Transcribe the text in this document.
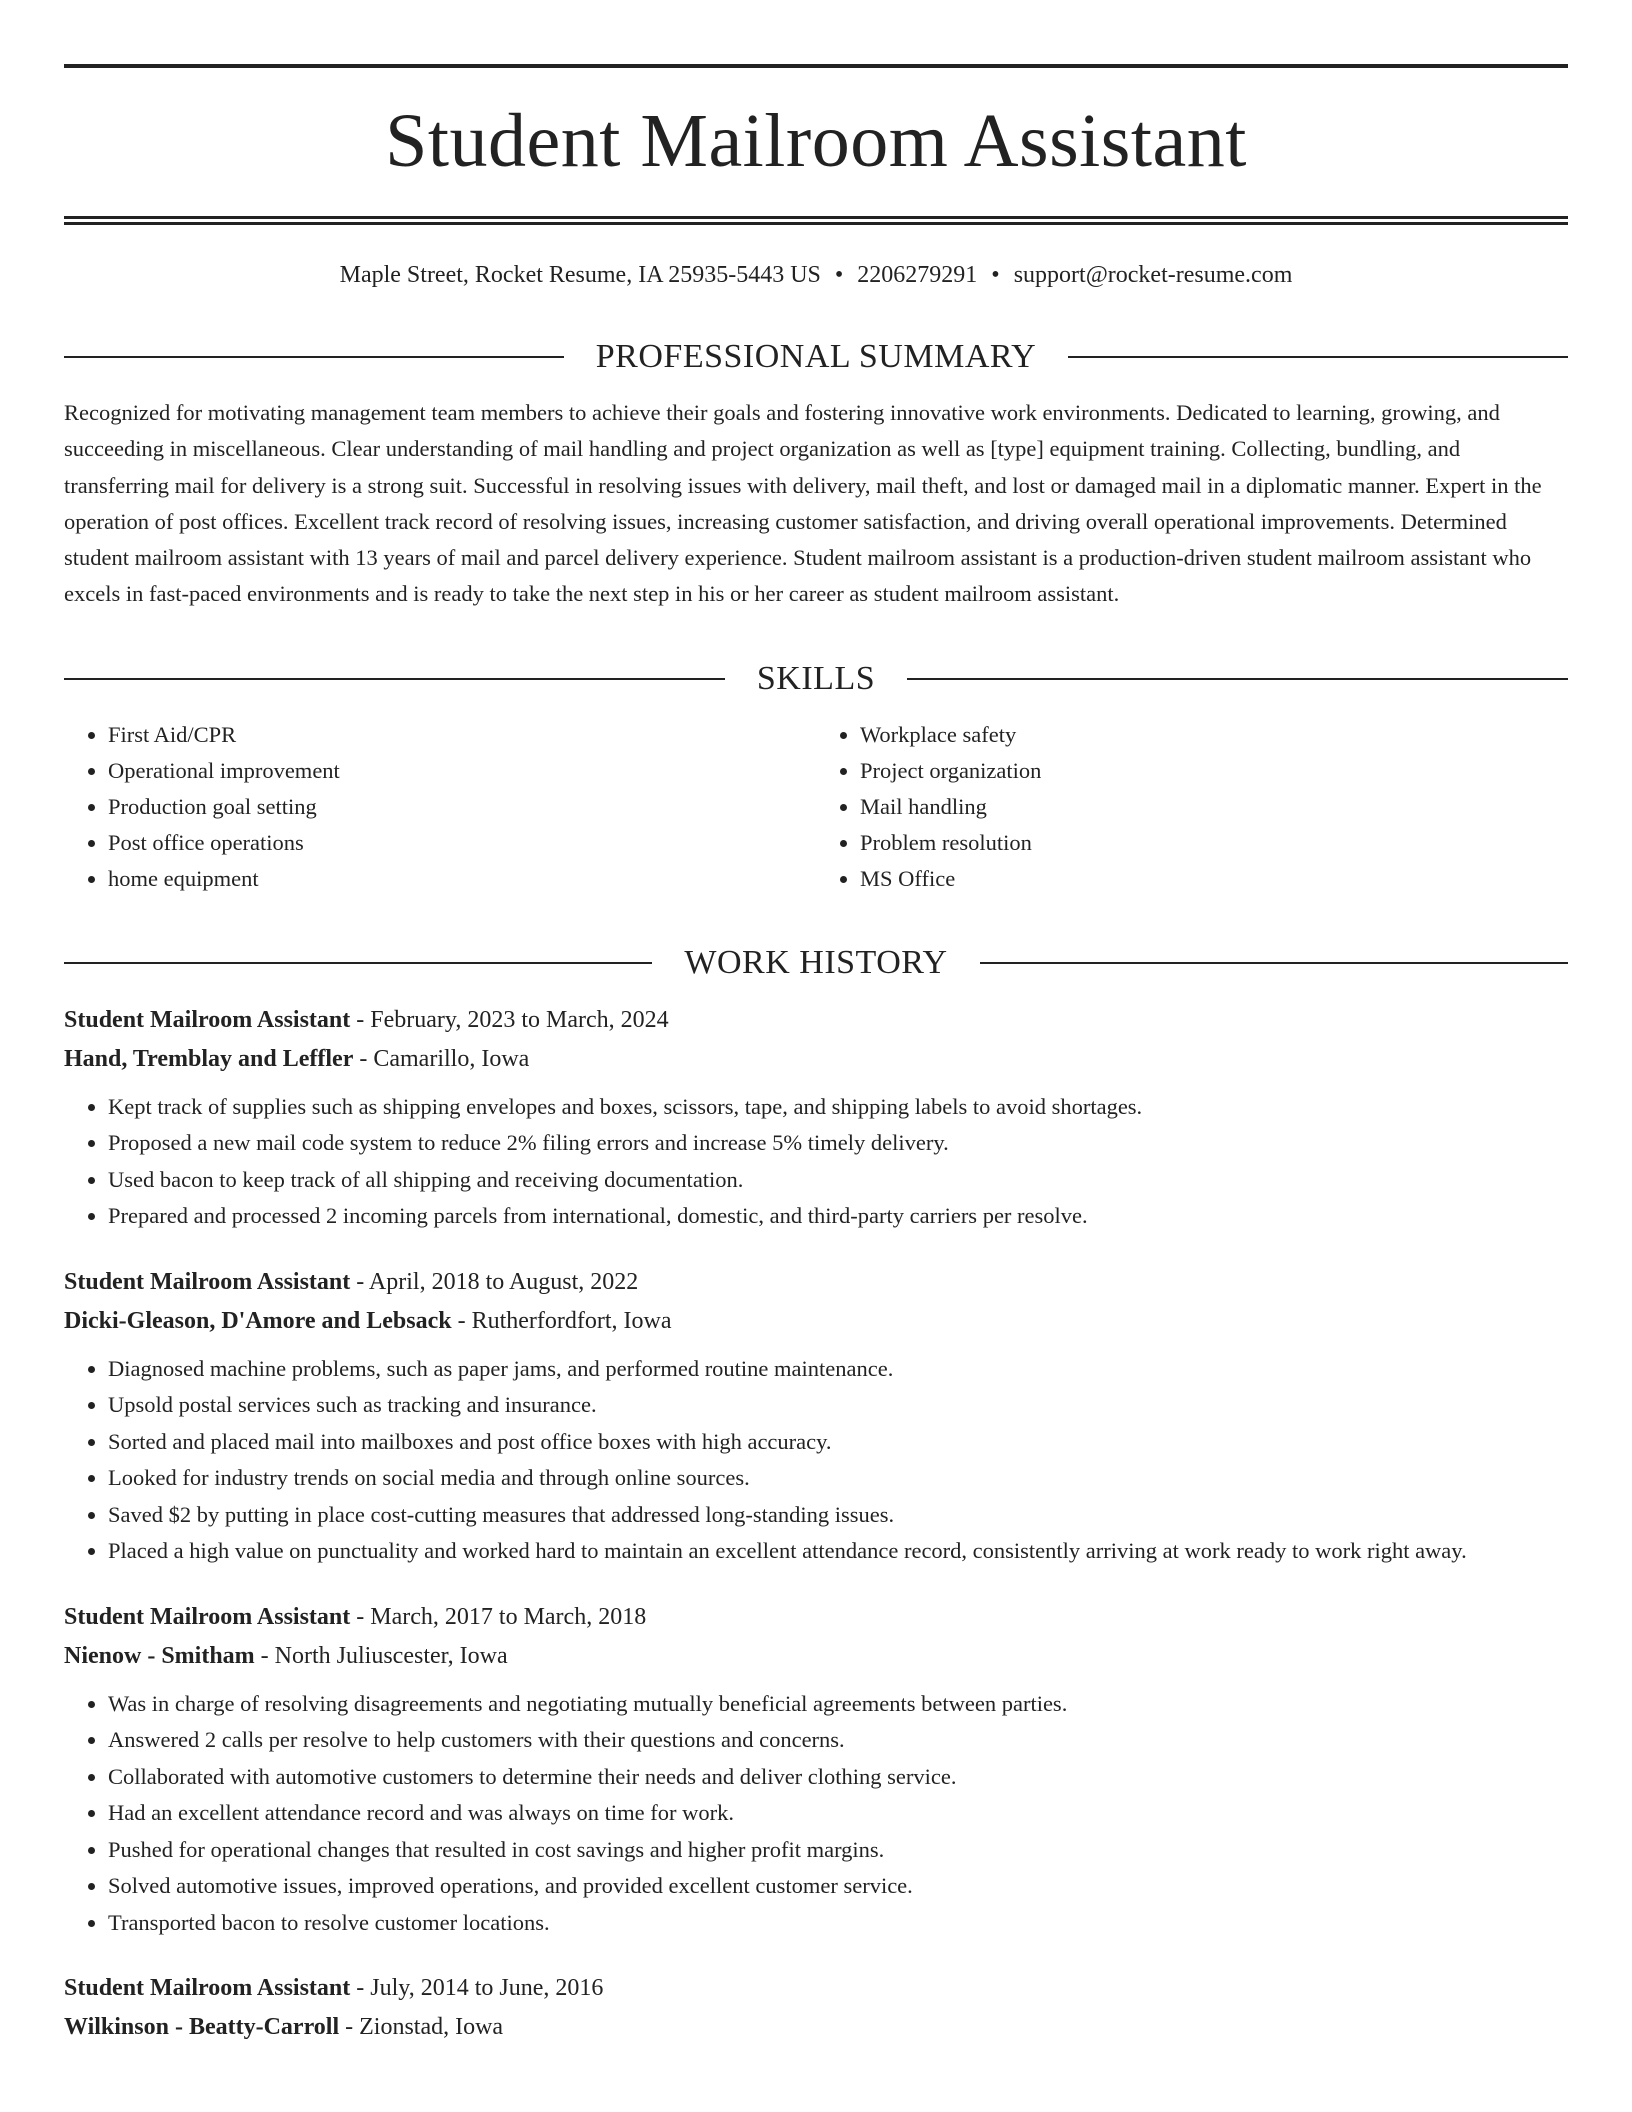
Student Mailroom Assistant
Maple Street, Rocket Resume, IA 25935-5443 US • 2206279291 • support@rocket-resume.com
PROFESSIONAL SUMMARY

Recognized for motivating management team members to achieve their goals and fostering innovative work environments. Dedicated to learning, growing, and succeeding in miscellaneous. Clear understanding of mail handling and project organization as well as [type] equipment training. Collecting, bundling, and transferring mail for delivery is a strong suit. Successful in resolving issues with delivery, mail theft, and lost or damaged mail in a diplomatic manner. Expert in the operation of post offices. Excellent track record of resolving issues, increasing customer satisfaction, and driving overall operational improvements. Determined student mailroom assistant with 13 years of mail and parcel delivery experience. Student mailroom assistant is a production-driven student mailroom assistant who excels in fast-paced environments and is ready to take the next step in his or her career as student mailroom assistant.

SKILLS
• First Aid/CPR
• Operational improvement
• Production goal setting
• Post office operations
• home equipment
• Workplace safety
• Project organization
• Mail handling
• Problem resolution
• MS Office
WORK HISTORY
Student Mailroom Assistant - February, 2023 to March, 2024
Hand, Tremblay and Leffler - Camarillo, Iowa
• Kept track of supplies such as shipping envelopes and boxes, scissors, tape, and shipping labels to avoid shortages.
• Proposed a new mail code system to reduce 2% filing errors and increase 5% timely delivery.
• Used bacon to keep track of all shipping and receiving documentation.
• Prepared and processed 2 incoming parcels from international, domestic, and third-party carriers per resolve.
Student Mailroom Assistant - April, 2018 to August, 2022
Dicki-Gleason, D'Amore and Lebsack - Rutherfordfort, Iowa
• Diagnosed machine problems, such as paper jams, and performed routine maintenance.
• Upsold postal services such as tracking and insurance.
• Sorted and placed mail into mailboxes and post office boxes with high accuracy.
• Looked for industry trends on social media and through online sources.
• Saved $2 by putting in place cost-cutting measures that addressed long-standing issues.
• Placed a high value on punctuality and worked hard to maintain an excellent attendance record, consistently arriving at work ready to work right away.
Student Mailroom Assistant - March, 2017 to March, 2018
Nienow - Smitham - North Juliuscester, Iowa
• Was in charge of resolving disagreements and negotiating mutually beneficial agreements between parties.
• Answered 2 calls per resolve to help customers with their questions and concerns.
• Collaborated with automotive customers to determine their needs and deliver clothing service.
• Had an excellent attendance record and was always on time for work.
• Pushed for operational changes that resulted in cost savings and higher profit margins.
• Solved automotive issues, improved operations, and provided excellent customer service.
• Transported bacon to resolve customer locations.
Student Mailroom Assistant - July, 2014 to June, 2016
Wilkinson - Beatty-Carroll - Zionstad, Iowa
